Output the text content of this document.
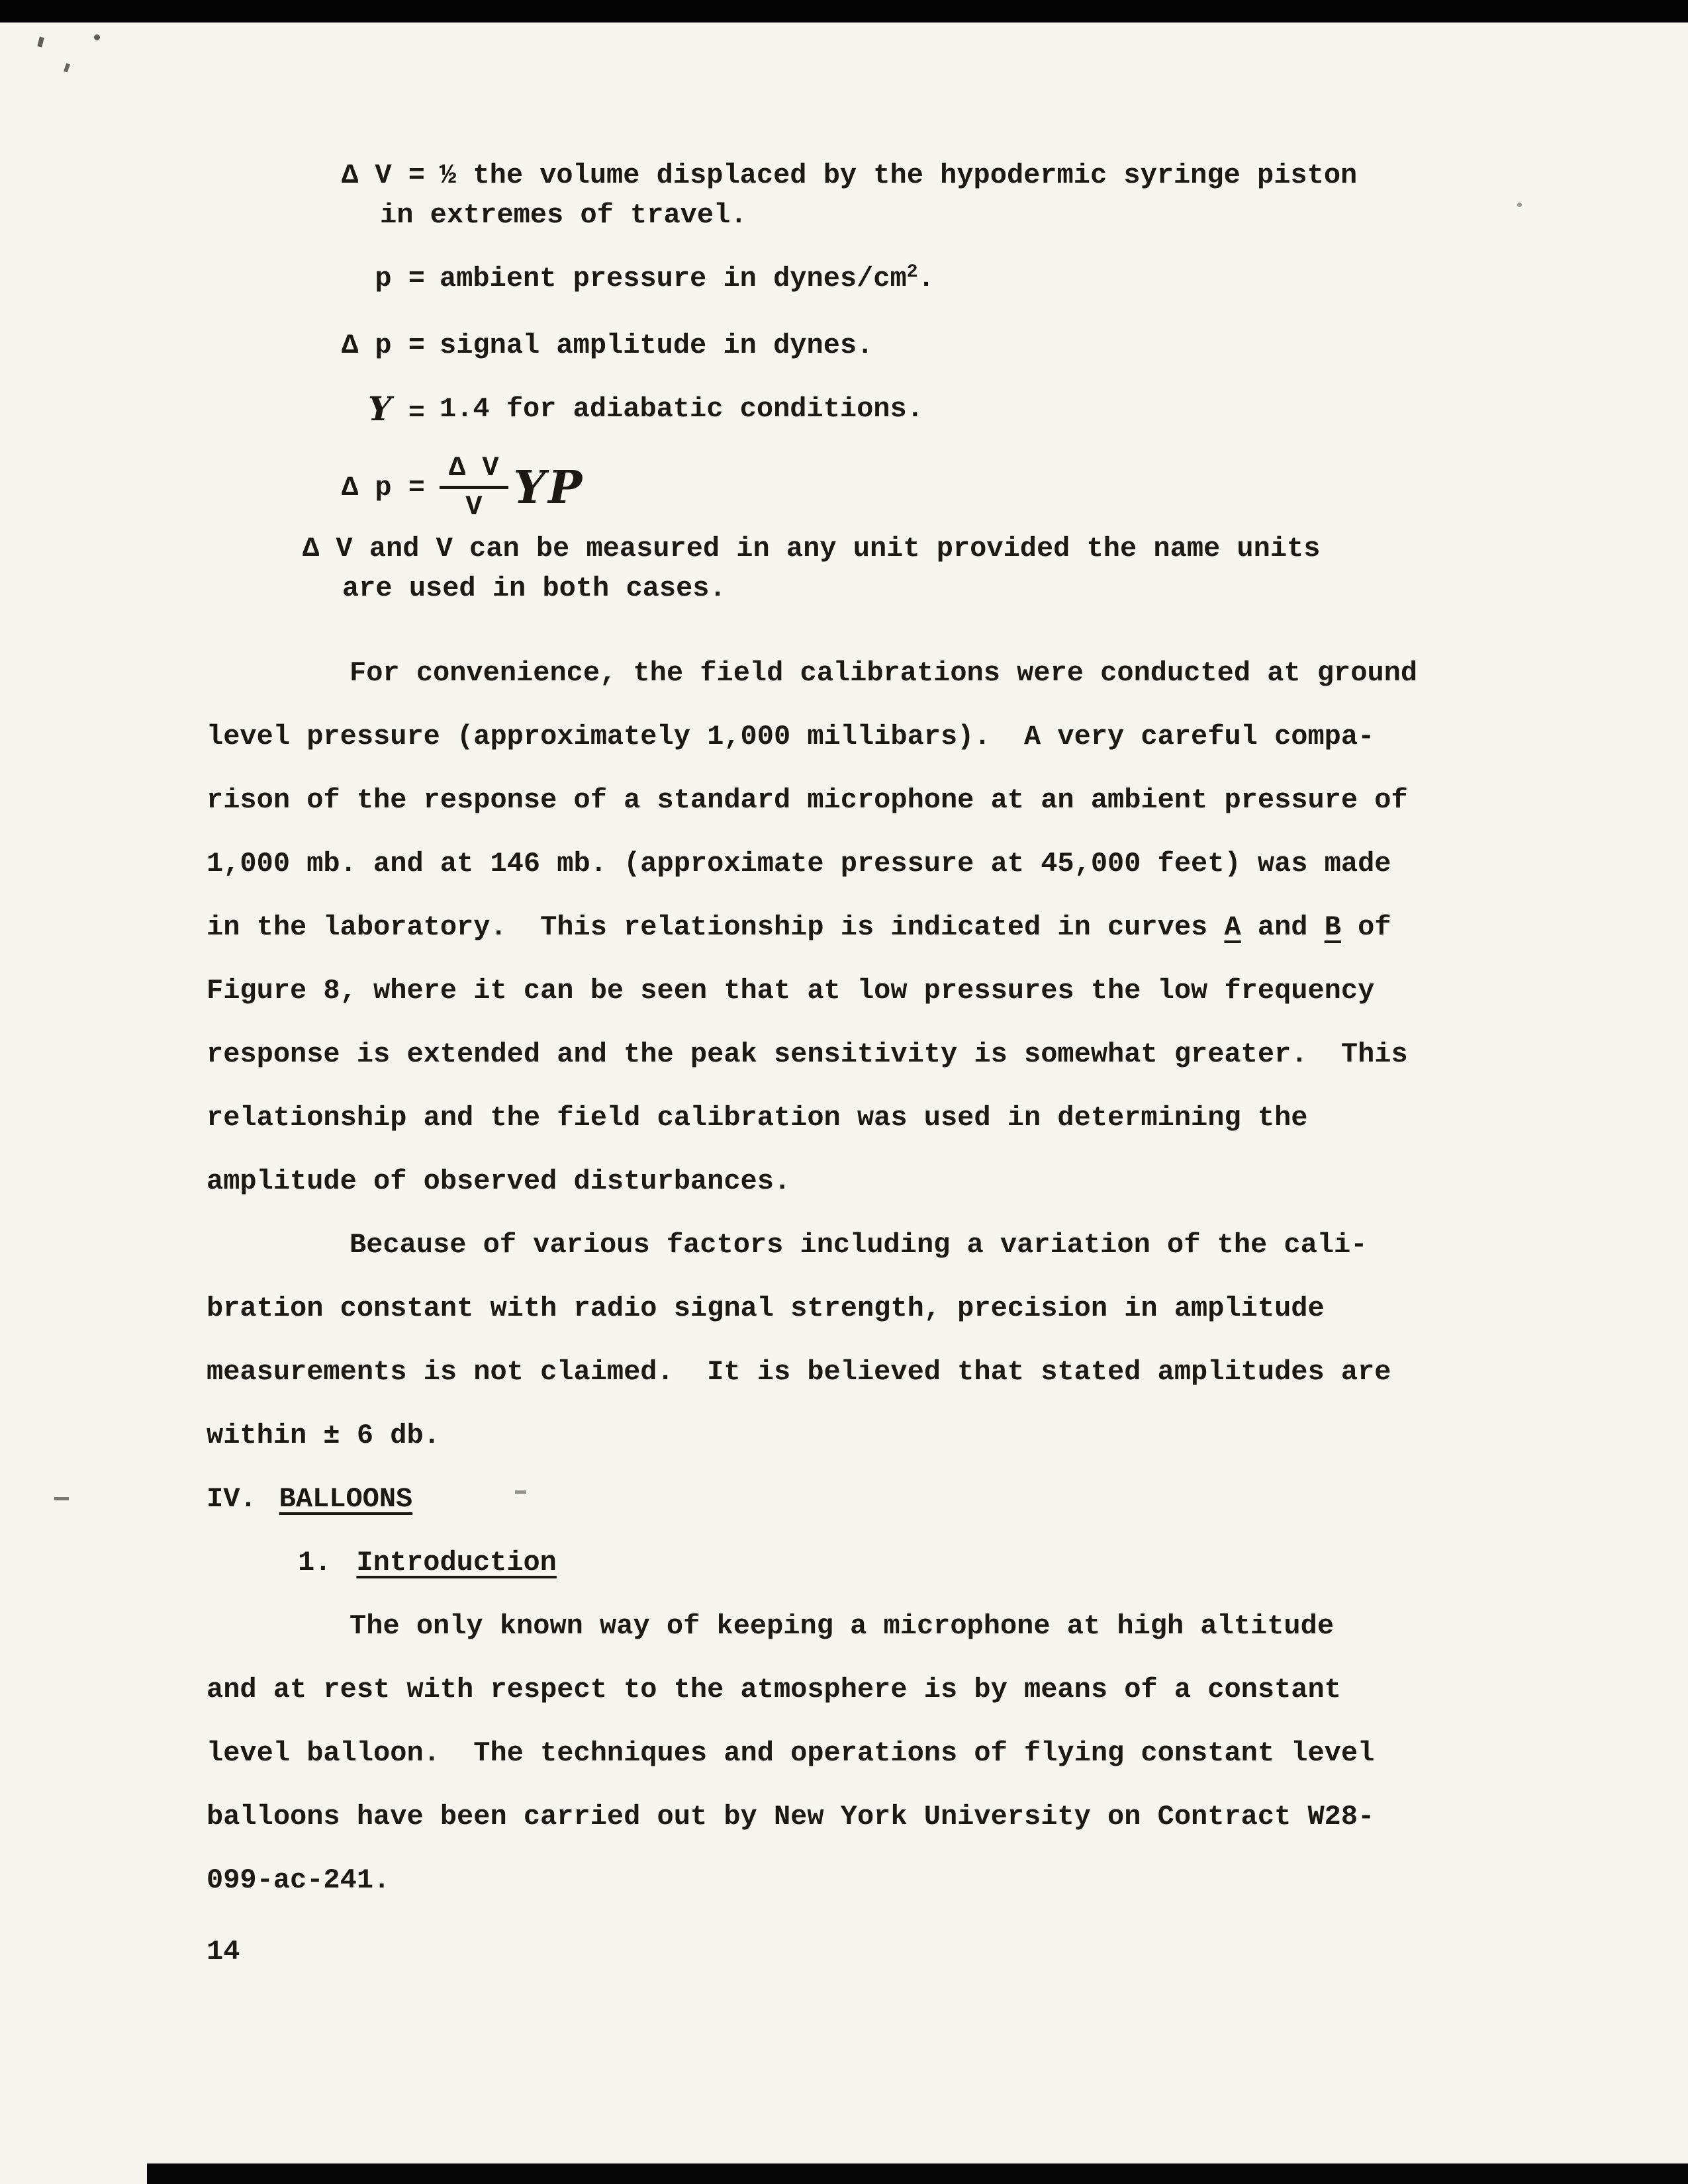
Δ V = ½ the volume displaced by the hypodermic syringe piston
in extremes of travel.
p = ambient pressure in dynes/$cm^2$.
Δ p = signal amplitude in dynes.
Υ = 1.4 for adiabatic conditions.
Δ $p = \frac{\text{Δ V}}{V}$ ΥP
Δ V and V can be measured in any unit provided the name units
are used in both cases.
For convenience, the field calibrations were conducted at ground
level pressure (approximately 1,000 millibars).  A very careful compa-
rison of the response of a standard microphone at an ambient pressure of
1,000 mb. and at 146 mb. (approximate pressure at 45,000 feet) was made
in the laboratory.  This relationship is indicated in curves A and B of
Figure 8, where it can be seen that at low pressures the low frequency
response is extended and the peak sensitivity is somewhat greater.  This
relationship and the field calibration was used in determining the
amplitude of observed disturbances.
Because of various factors including a variation of the cali-
bration constant with radio signal strength, precision in amplitude
measurements is not claimed.  It is believed that stated amplitudes are
within ± 6 db.
IV. BALLOONS
1. Introduction
The only known way of keeping a microphone at high altitude
and at rest with respect to the atmosphere is by means of a constant
level balloon.  The techniques and operations of flying constant level
balloons have been carried out by New York University on Contract W28-
099-ac-241.
14
